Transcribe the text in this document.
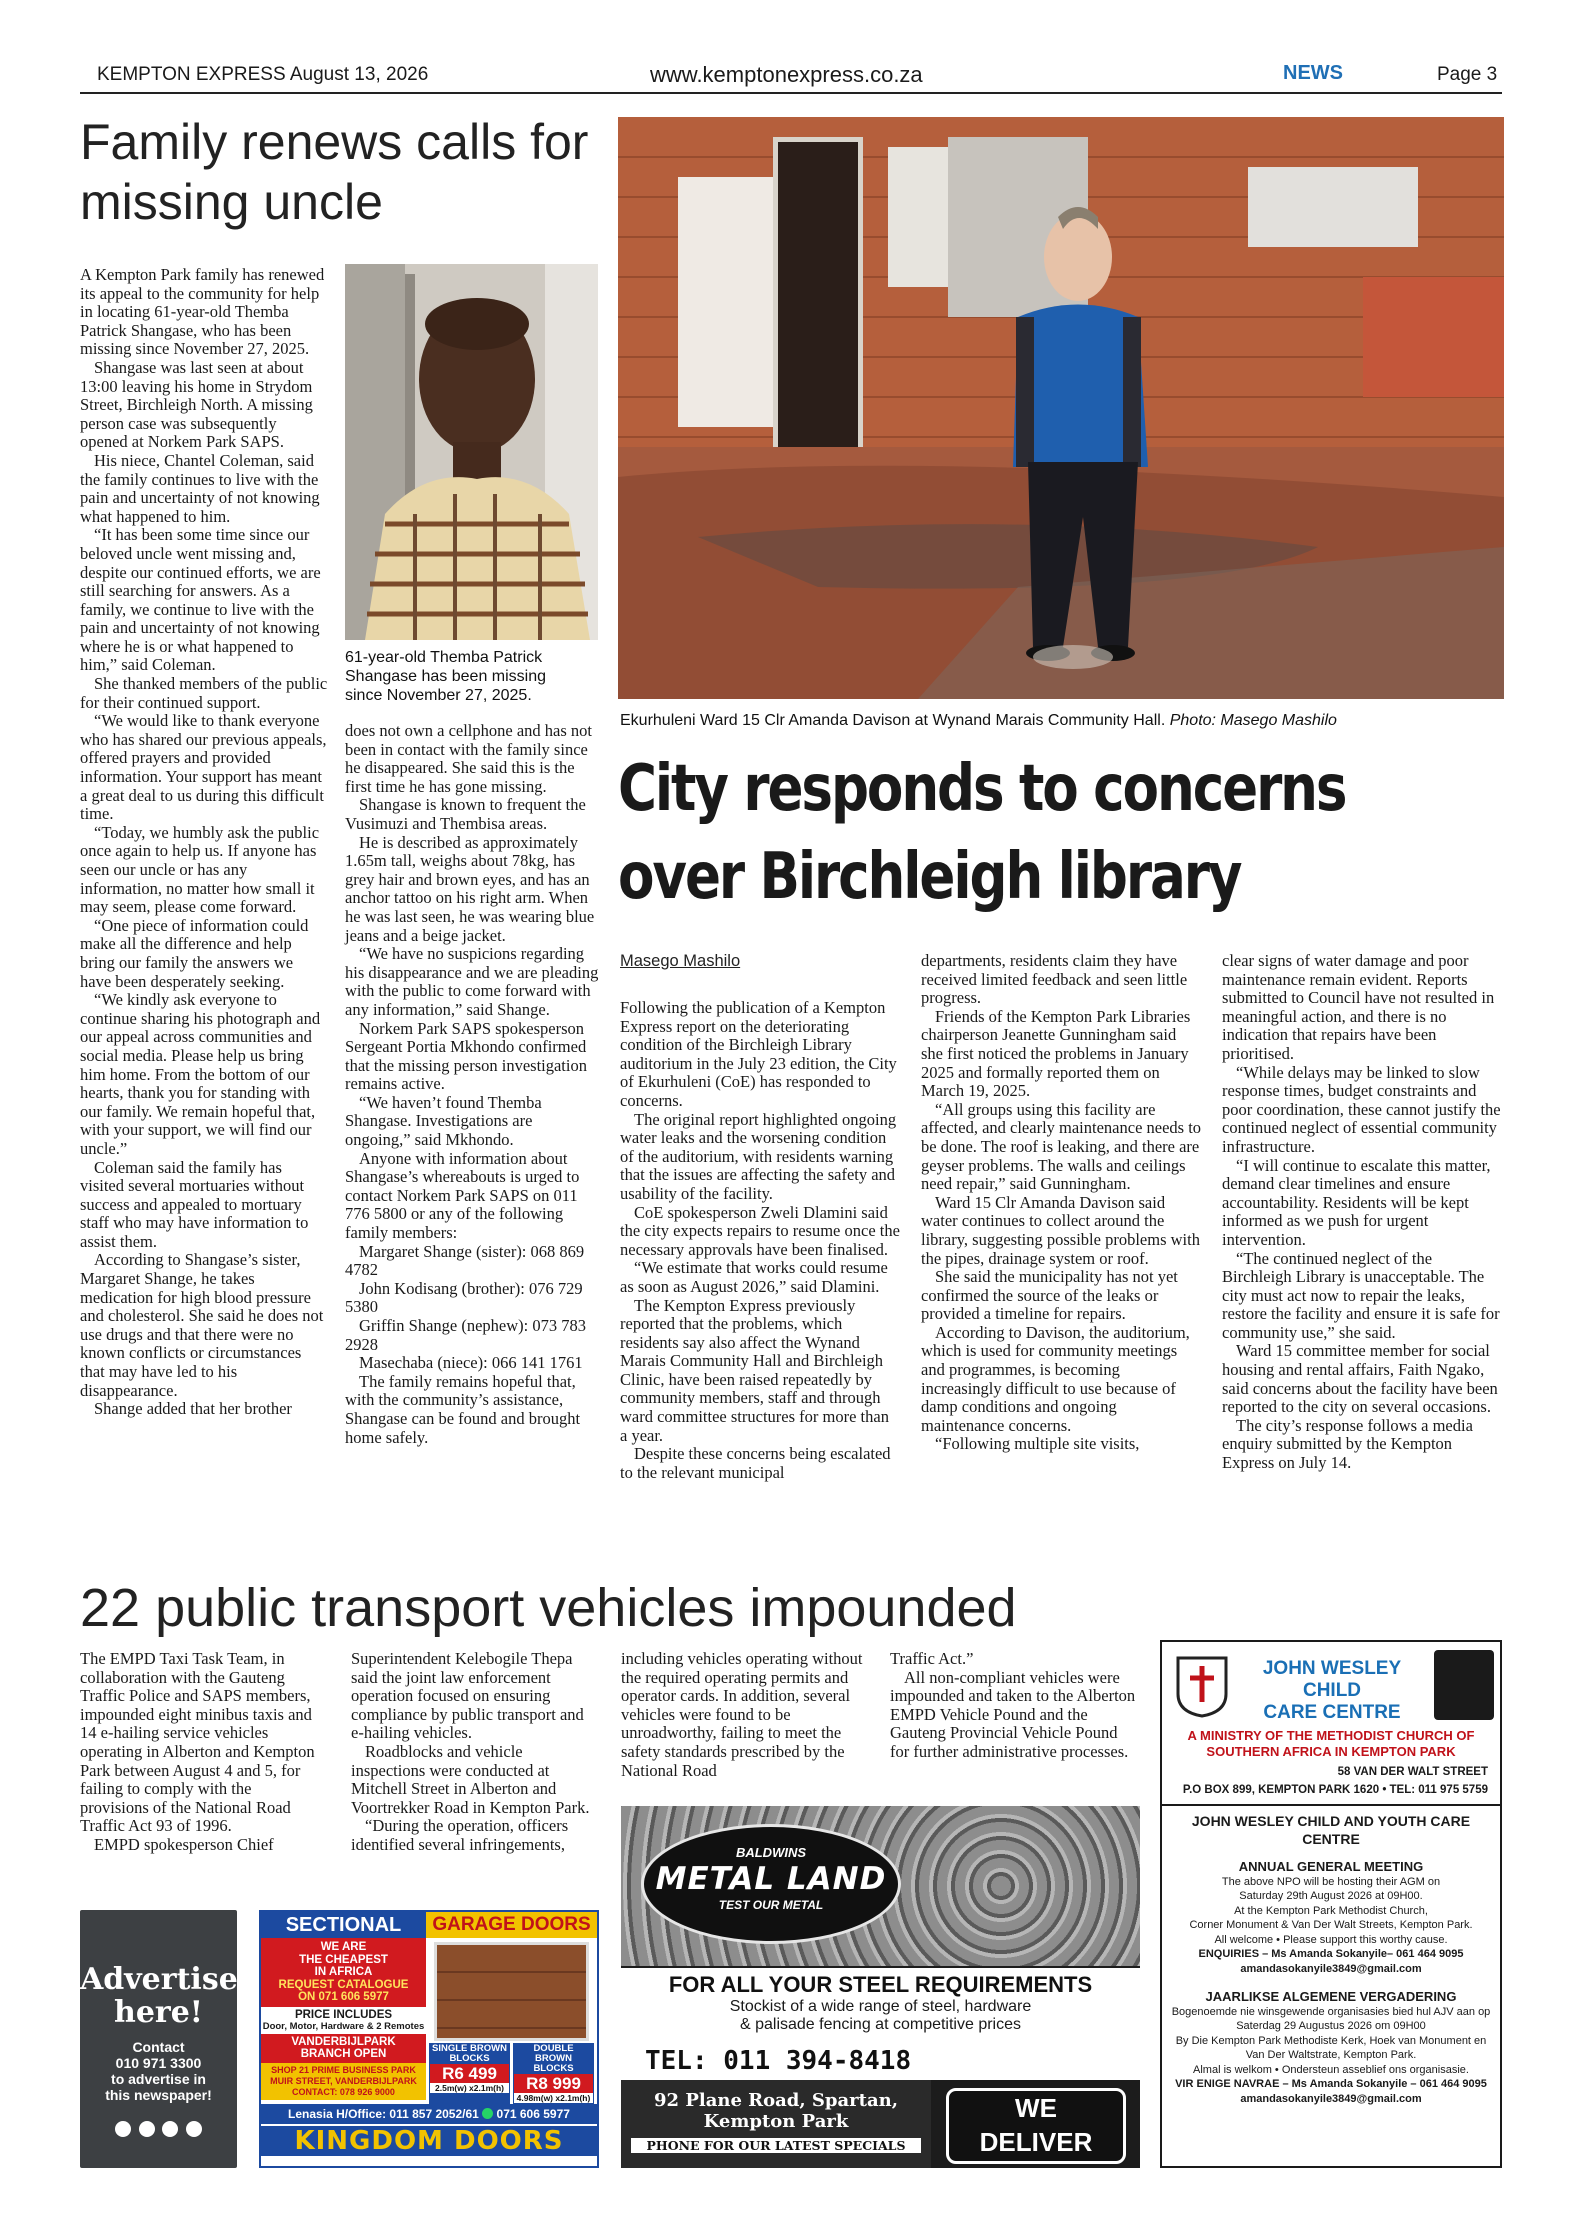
KEMPTON EXPRESS August 13, 2026	www.kemptonexpress.co.za	NEWS	Page 3
Family renews calls for missing uncle

A Kempton Park family has renewed its appeal to the community for help in locating 61-year-old Themba Patrick Shangase, who has been missing since November 27, 2025.

Shangase was last seen at about 13:00 leaving his home in Strydom Street, Birchleigh North. A missing person case was subsequently opened at Norkem Park SAPS.

His niece, Chantel Coleman, said the family continues to live with the pain and uncertainty of not knowing what happened to him.

“It has been some time since our beloved uncle went missing and, despite our continued efforts, we are still searching for answers. As a family, we continue to live with the pain and uncertainty of not knowing where he is or what happened to him,” said Coleman.

She thanked members of the public for their continued support.

“We would like to thank everyone who has shared our previous appeals, offered prayers and provided information. Your support has meant a great deal to us during this difficult time.

“Today, we humbly ask the public once again to help us. If anyone has seen our uncle or has any information, no matter how small it may seem, please come forward.

“One piece of information could make all the difference and help bring our family the answers we have been desperately seeking.

“We kindly ask everyone to continue sharing his photograph and our appeal across communities and social media. Please help us bring him home. From the bottom of our hearts, thank you for standing with our family. We remain hopeful that, with your support, we will find our uncle.”

Coleman said the family has visited several mortuaries without success and appealed to mortuary staff who may have information to assist them.

According to Shangase’s sister, Margaret Shange, he takes medication for high blood pressure and cholesterol. She said he does not use drugs and that there were no known conflicts or circumstances that may have led to his disappearance.

Shange added that her brother

61-year-old Themba Patrick Shangase has been missing since November 27, 2025.

does not own a cellphone and has not been in contact with the family since he disappeared. She said this is the first time he has gone missing.

Shangase is known to frequent the Vusimuzi and Thembisa areas.

He is described as approximately 1.65m tall, weighs about 78kg, has grey hair and brown eyes, and has an anchor tattoo on his right arm. When he was last seen, he was wearing blue jeans and a beige jacket.

“We have no suspicions regarding his disappearance and we are pleading with the public to come forward with any information,” said Shange.

Norkem Park SAPS spokesperson Sergeant Portia Mkhondo confirmed that the missing person investigation remains active.

“We haven’t found Themba Shangase. Investigations are ongoing,” said Mkhondo.

Anyone with information about Shangase’s whereabouts is urged to contact Norkem Park SAPS on 011 776 5800 or any of the following family members:

Margaret Shange (sister): 068 869 4782

John Kodisang (brother): 076 729 5380

Griffin Shange (nephew): 073 783 2928

Masechaba (niece): 066 141 1761

The family remains hopeful that, with the community’s assistance, Shangase can be found and brought home safely.

Ekurhuleni Ward 15 Clr Amanda Davison at Wynand Marais Community Hall. Photo: Masego Mashilo
City responds to concerns
over Birchleigh library
Masego Mashilo

Following the publication of a Kempton Express report on the deteriorating condition of the Birchleigh Library auditorium in the July 23 edition, the City of Ekurhuleni (CoE) has responded to concerns.

The original report highlighted ongoing water leaks and the worsening condition of the auditorium, with residents warning that the issues are affecting the safety and usability of the facility.

CoE spokesperson Zweli Dlamini said the city expects repairs to resume once the necessary approvals have been finalised.

“We estimate that works could resume as soon as August 2026,” said Dlamini.

The Kempton Express previously reported that the problems, which residents say also affect the Wynand Marais Community Hall and Birchleigh Clinic, have been raised repeatedly by community members, staff and through ward committee structures for more than a year.

Despite these concerns being escalated to the relevant municipal

departments, residents claim they have received limited feedback and seen little progress.

Friends of the Kempton Park Libraries chairperson Jeanette Gunningham said she first noticed the problems in January 2025 and formally reported them on March 19, 2025.

“All groups using this facility are affected, and clearly maintenance needs to be done. The roof is leaking, and there are geyser problems. The walls and ceilings need repair,” said Gunningham.

Ward 15 Clr Amanda Davison said water continues to collect around the library, suggesting possible problems with the pipes, drainage system or roof.

She said the municipality has not yet confirmed the source of the leaks or provided a timeline for repairs.

According to Davison, the auditorium, which is used for community meetings and programmes, is becoming increasingly difficult to use because of damp conditions and ongoing maintenance concerns.

“Following multiple site visits,

clear signs of water damage and poor maintenance remain evident. Reports submitted to Council have not resulted in meaningful action, and there is no indication that repairs have been prioritised.

“While delays may be linked to slow response times, budget constraints and poor coordination, these cannot justify the continued neglect of essential community infrastructure.

“I will continue to escalate this matter, demand clear timelines and ensure accountability. Residents will be kept informed as we push for urgent intervention.

“The continued neglect of the Birchleigh Library is unacceptable. The city must act now to repair the leaks, restore the facility and ensure it is safe for community use,” she said.

Ward 15 committee member for social housing and rental affairs, Faith Ngako, said concerns about the facility have been reported to the city on several occasions.

The city’s response follows a media enquiry submitted by the Kempton Express on July 14.

22 public transport vehicles impounded

The EMPD Taxi Task Team, in collaboration with the Gauteng Traffic Police and SAPS members, impounded eight minibus taxis and 14 e-hailing service vehicles operating in Alberton and Kempton Park between August 4 and 5, for failing to comply with the provisions of the National Road Traffic Act 93 of 1996.

EMPD spokesperson Chief

Superintendent Kelebogile Thepa said the joint law enforcement operation focused on ensuring compliance by public transport and e-hailing vehicles.

Roadblocks and vehicle inspections were conducted at Mitchell Street in Alberton and Voortrekker Road in Kempton Park.

“During the operation, officers identified several infringements,

including vehicles operating without the required operating permits and operator cards. In addition, several vehicles were found to be unroadworthy, failing to meet the safety standards prescribed by the National Road

Traffic Act.”

All non-compliant vehicles were impounded and taken to the Alberton EMPD Vehicle Pound and the Gauteng Provincial Vehicle Pound for further administrative processes.

Advertise
here!
Contact
010 971 3300
to advertise in
this newspaper!

SECTIONAL	GARAGE DOORS
WE ARE
THE CHEAPEST
IN AFRICA
REQUEST CATALOGUE
ON 071 606 5977
PRICE INCLUDES
Door, Motor, Hardware & 2 Remotes
VANDERBIJLPARK
BRANCH OPEN
SHOP 21 PRIME BUSINESS PARK
MUIR STREET, VANDERBIJLPARK
CONTACT: 078 926 9000
SINGLE BROWN BLOCKS
R6 499
2.5m(w) x2.1m(h)
DOUBLE BROWN BLOCKS
R8 999
4.98m(w) x2.1m(h)
Lenasia H/Office: 011 857 2052/61 071 606 5977
KINGDOM DOORS
BALDWINS
METAL LAND
TEST OUR METAL
FOR ALL YOUR STEEL REQUIREMENTS
Stockist of a wide range of steel, hardware
& palisade fencing at competitive prices
TEL: 011 394-8418
92 Plane Road, Spartan,
Kempton Park
PHONE FOR OUR LATEST SPECIALS
WE
DELIVER
JOHN WESLEY CHILD
CARE CENTRE
A MINISTRY OF THE METHODIST CHURCH OF
SOUTHERN AFRICA IN KEMPTON PARK
58 VAN DER WALT STREET
P.O BOX 899, KEMPTON PARK 1620 • TEL: 011 975 5759
JOHN WESLEY CHILD AND YOUTH CARE CENTRE
ANNUAL GENERAL MEETING
The above NPO will be hosting their AGM on
Saturday 29th August 2026 at 09H00.
At the Kempton Park Methodist Church,
Corner Monument & Van Der Walt Streets, Kempton Park.
All welcome • Please support this worthy cause.
ENQUIRIES – Ms Amanda Sokanyile– 061 464 9095
amandasokanyile3849@gmail.com
JAARLIKSE ALGEMENE VERGADERING
Bogenoemde nie winsgewende organisasies bied hul AJV aan op
Saterdag 29 Augustus 2026 om 09H00
By Die Kempton Park Methodiste Kerk, Hoek van Monument en
Van Der Waltstrate, Kempton Park.
Almal is welkom • Ondersteun asseblief ons organisasie.
VIR ENIGE NAVRAE – Ms Amanda Sokanyile – 061 464 9095
amandasokanyile3849@gmail.com
